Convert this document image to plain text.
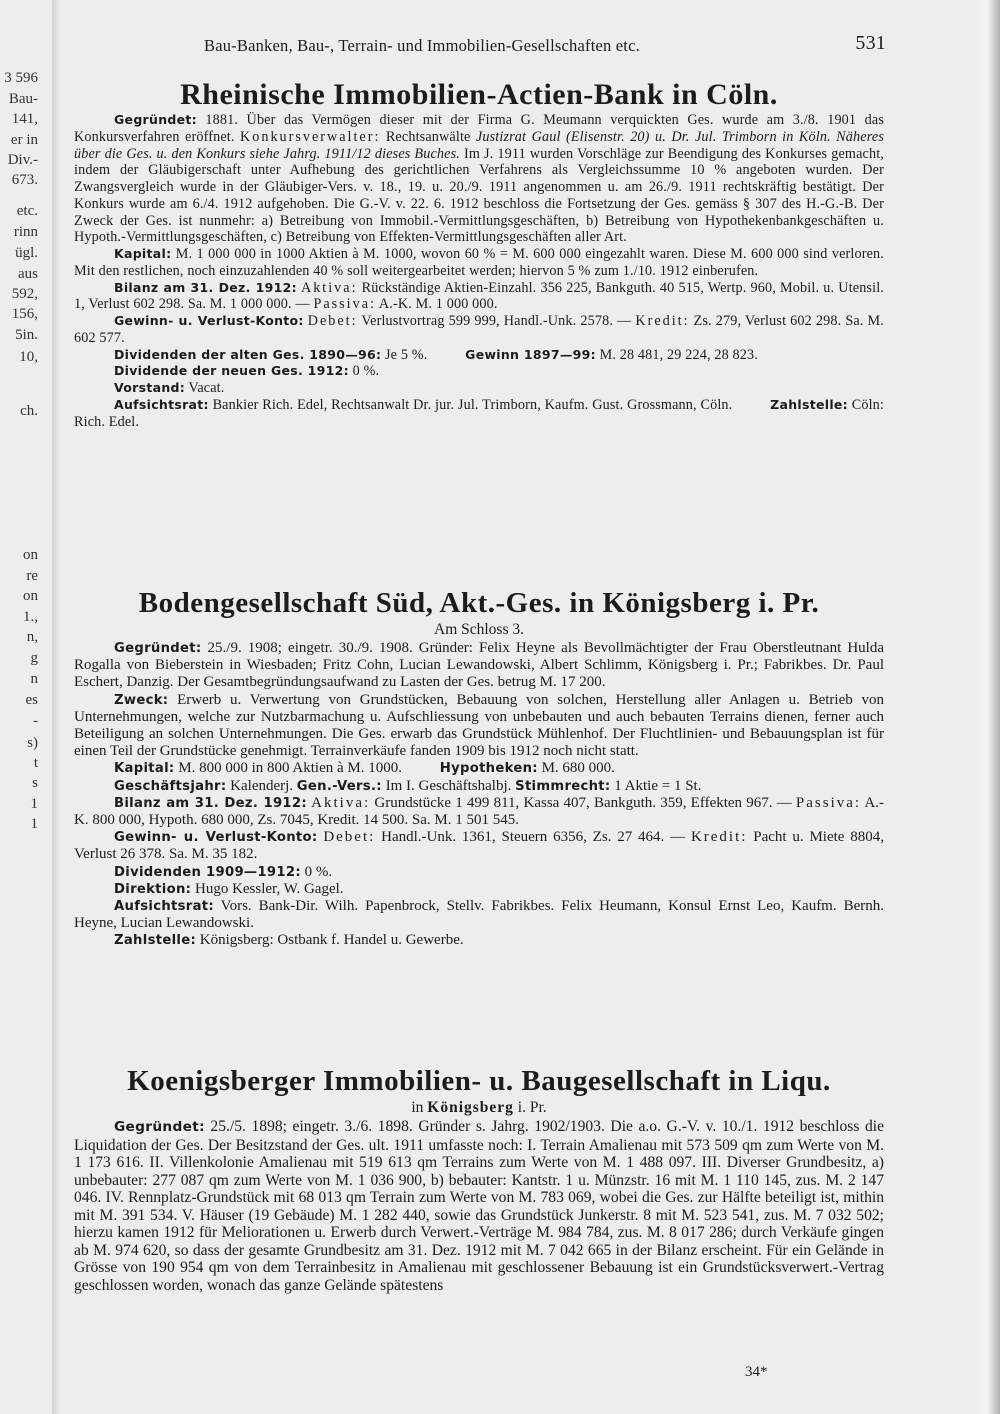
3 596
Bau-
141,
er in
Div.-
673.
etc.
rinn
ügl.
aus
592,
156,
5in.
10,
ch.
on
re
on
1.,
n,
g
n
es
-
s)
t
s
1
1
Bau-Banken, Bau-, Terrain- und Immobilien-Gesellschaften etc.	531
Rheinische Immobilien-Actien-Bank in Cöln.

Gegründet: 1881. Über das Vermögen dieser mit der Firma G. Meumann verquickten Ges. wurde am 3./8. 1901 das Konkursverfahren eröffnet. Konkursverwalter: Rechtsanwälte Justizrat Gaul (Elisenstr. 20) u. Dr. Jul. Trimborn in Köln. Näheres über die Ges. u. den Konkurs siehe Jahrg. 1911/12 dieses Buches. Im J. 1911 wurden Vorschläge zur Beendigung des Konkurses gemacht, indem der Gläubigerschaft unter Aufhebung des gerichtlichen Verfahrens als Vergleichssumme 10 % angeboten wurden. Der Zwangsvergleich wurde in der Gläubiger-Vers. v. 18., 19. u. 20./9. 1911 angenommen u. am 26./9. 1911 rechtskräftig bestätigt. Der Konkurs wurde am 6./4. 1912 aufgehoben. Die G.-V. v. 22. 6. 1912 beschloss die Fortsetzung der Ges. gemäss § 307 des H.-G.-B. Der Zweck der Ges. ist nunmehr: a) Betreibung von Immobil.-Vermittlungsgeschäften, b) Betreibung von Hypothekenbankgeschäften u. Hypoth.-Vermittlungsgeschäften, c) Betreibung von Effekten-Vermittlungsgeschäften aller Art.

Kapital: M. 1 000 000 in 1000 Aktien à M. 1000, wovon 60 % = M. 600 000 eingezahlt waren. Diese M. 600 000 sind verloren. Mit den restlichen, noch einzuzahlenden 40 % soll weitergearbeitet werden; hiervon 5 % zum 1./10. 1912 einberufen.

Bilanz am 31. Dez. 1912: Aktiva: Rückständige Aktien-Einzahl. 356 225, Bankguth. 40 515, Wertp. 960, Mobil. u. Utensil. 1, Verlust 602 298. Sa. M. 1 000 000. — Passiva: A.-K. M. 1 000 000.

Gewinn- u. Verlust-Konto: Debet: Verlustvortrag 599 999, Handl.-Unk. 2578. — Kredit: Zs. 279, Verlust 602 298. Sa. M. 602 577.

Dividenden der alten Ges. 1890—96: Je 5 %.	Gewinn 1897—99: M. 28 481, 29 224, 28 823.

Dividende der neuen Ges. 1912: 0 %.

Vorstand: Vacat.

Aufsichtsrat: Bankier Rich. Edel, Rechtsanwalt Dr. jur. Jul. Trimborn, Kaufm. Gust. Grossmann, Cöln.	Zahlstelle: Cöln: Rich. Edel.

Bodengesellschaft Süd, Akt.-Ges. in Königsberg i. Pr.
Am Schloss 3.

Gegründet: 25./9. 1908; eingetr. 30./9. 1908. Gründer: Felix Heyne als Bevollmächtigter der Frau Oberstleutnant Hulda Rogalla von Bieberstein in Wiesbaden; Fritz Cohn, Lucian Lewandowski, Albert Schlimm, Königsberg i. Pr.; Fabrikbes. Dr. Paul Eschert, Danzig. Der Gesamtbegründungsaufwand zu Lasten der Ges. betrug M. 17 200.

Zweck: Erwerb u. Verwertung von Grundstücken, Bebauung von solchen, Herstellung aller Anlagen u. Betrieb von Unternehmungen, welche zur Nutzbarmachung u. Aufschliessung von unbebauten und auch bebauten Terrains dienen, ferner auch Beteiligung an solchen Unternehmungen. Die Ges. erwarb das Grundstück Mühlenhof. Der Fluchtlinien- und Bebauungsplan ist für einen Teil der Grundstücke genehmigt. Terrainverkäufe fanden 1909 bis 1912 noch nicht statt.

Kapital: M. 800 000 in 800 Aktien à M. 1000.	Hypotheken: M. 680 000.

Geschäftsjahr: Kalenderj. Gen.-Vers.: Im I. Geschäftshalbj. Stimmrecht: 1 Aktie = 1 St.

Bilanz am 31. Dez. 1912: Aktiva: Grundstücke 1 499 811, Kassa 407, Bankguth. 359, Effekten 967. — Passiva: A.-K. 800 000, Hypoth. 680 000, Zs. 7045, Kredit. 14 500. Sa. M. 1 501 545.

Gewinn- u. Verlust-Konto: Debet: Handl.-Unk. 1361, Steuern 6356, Zs. 27 464. — Kredit: Pacht u. Miete 8804, Verlust 26 378. Sa. M. 35 182.

Dividenden 1909—1912: 0 %.

Direktion: Hugo Kessler, W. Gagel.

Aufsichtsrat: Vors. Bank-Dir. Wilh. Papenbrock, Stellv. Fabrikbes. Felix Heumann, Konsul Ernst Leo, Kaufm. Bernh. Heyne, Lucian Lewandowski.

Zahlstelle: Königsberg: Ostbank f. Handel u. Gewerbe.

Koenigsberger Immobilien- u. Baugesellschaft in Liqu.
in Königsberg i. Pr.

Gegründet: 25./5. 1898; eingetr. 3./6. 1898. Gründer s. Jahrg. 1902/1903. Die a.o. G.-V. v. 10./1. 1912 beschloss die Liquidation der Ges. Der Besitzstand der Ges. ult. 1911 umfasste noch: I. Terrain Amalienau mit 573 509 qm zum Werte von M. 1 173 616. II. Villenkolonie Amalienau mit 519 613 qm Terrains zum Werte von M. 1 488 097. III. Diverser Grundbesitz, a) unbebauter: 277 087 qm zum Werte von M. 1 036 900, b) bebauter: Kantstr. 1 u. Münzstr. 16 mit M. 1 110 145, zus. M. 2 147 046. IV. Rennplatz-Grundstück mit 68 013 qm Terrain zum Werte von M. 783 069, wobei die Ges. zur Hälfte beteiligt ist, mithin mit M. 391 534. V. Häuser (19 Gebäude) M. 1 282 440, sowie das Grundstück Junkerstr. 8 mit M. 523 541, zus. M. 7 032 502; hierzu kamen 1912 für Meliorationen u. Erwerb durch Verwert.-Verträge M. 984 784, zus. M. 8 017 286; durch Verkäufe gingen ab M. 974 620, so dass der gesamte Grundbesitz am 31. Dez. 1912 mit M. 7 042 665 in der Bilanz erscheint. Für ein Gelände in Grösse von 190 954 qm von dem Terrainbesitz in Amalienau mit geschlossener Bebauung ist ein Grundstücksverwert.-Vertrag geschlossen worden, wonach das ganze Gelände spätestens

34*
